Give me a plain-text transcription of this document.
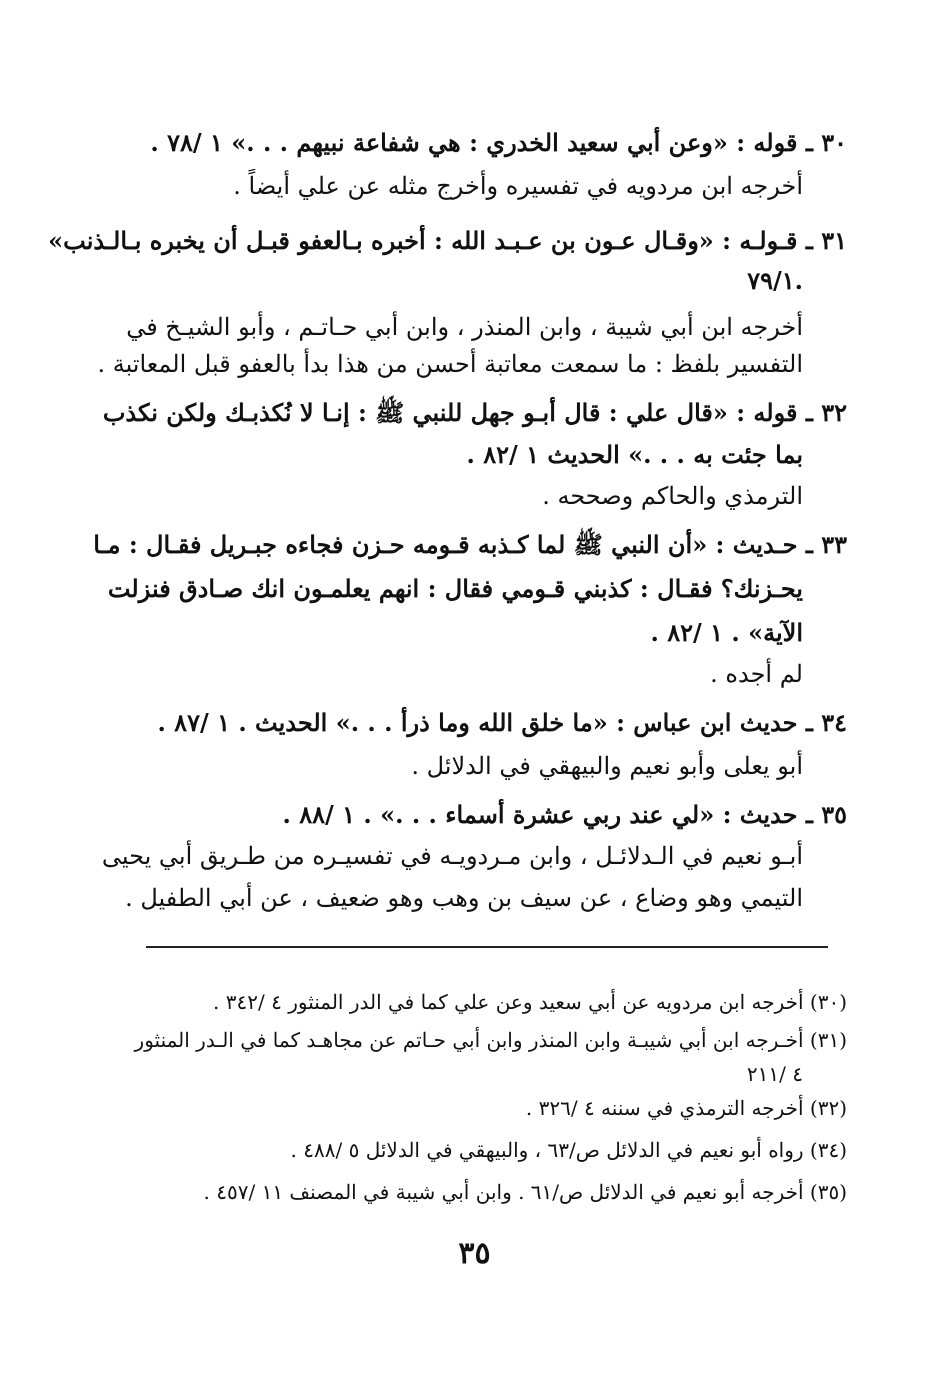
٣٠ ـ قوله : «وعن أبي سعيد الخدري : هي شفاعة نبيهم . . .» ١ /٧٨ .

أخرجه ابن مردويه في تفسيره وأخرج مثله عن علي أيضاً .

٣١ ـ قـولـه : «وقـال عـون بن عـبـد الله : أخبره بـالعفو قبـل أن يخبره بـالـذنب»

.٧٩/١

أخرجه ابن أبي شيبة ، وابن المنذر ، وابن أبي حـاتـم ، وأبو الشيـخ في

التفسير بلفظ : ما سمعت معاتبة أحسن من هذا بدأ بالعفو قبل المعاتبة .

٣٢ ـ قوله : «قال علي : قال أبـو جهل للنبي ﷺ : إنـا لا نُكذبـك ولكن نكذب

بما جئت به . . .» الحديث ١ /٨٢ .

الترمذي والحاكم وصححه .

٣٣ ـ حـديث : «أن النبي ﷺ لما كـذبه قـومه حـزن فجاءه جبـريل فقـال : مـا

يحـزنك؟ فقـال : كذبني قـومي فقال : انهم يعلمـون انك صـادق فنزلت

الآية» . ١ /٨٢ .

لم أجده .

٣٤ ـ حديث ابن عباس : «ما خلق الله وما ذرأ . . .» الحديث . ١ /٨٧ .

أبو يعلى وأبو نعيم والبيهقي في الدلائل .

٣٥ ـ حديث : «لي عند ربي عشرة أسماء . . .» . ١ /٨٨ .

أبـو نعيم في الـدلائـل ، وابن مـردويـه في تفسيـره من طـريق أبي يحيى

التيمي وهو وضاع ، عن سيف بن وهب وهو ضعيف ، عن أبي الطفيل .

(٣٠) أخرجه ابن مردويه عن أبي سعيد وعن علي كما في الدر المنثور ٤ /٣٤٢ .

(٣١) أخـرجه ابن أبي شيبـة وابن المنذر وابن أبي حـاتم عن مجاهـد كما في الـدر المنثور

٤ /٢١١

(٣٢) أخرجه الترمذي في سننه ٤ /٣٢٦ .

(٣٤) رواه أبو نعيم في الدلائل ص/٦٣ ، والبيهقي في الدلائل ٥ /٤٨٨ .

(٣٥) أخرجه أبو نعيم في الدلائل ص/٦١ . وابن أبي شيبة في المصنف ١١ /٤٥٧ .

٣٥
